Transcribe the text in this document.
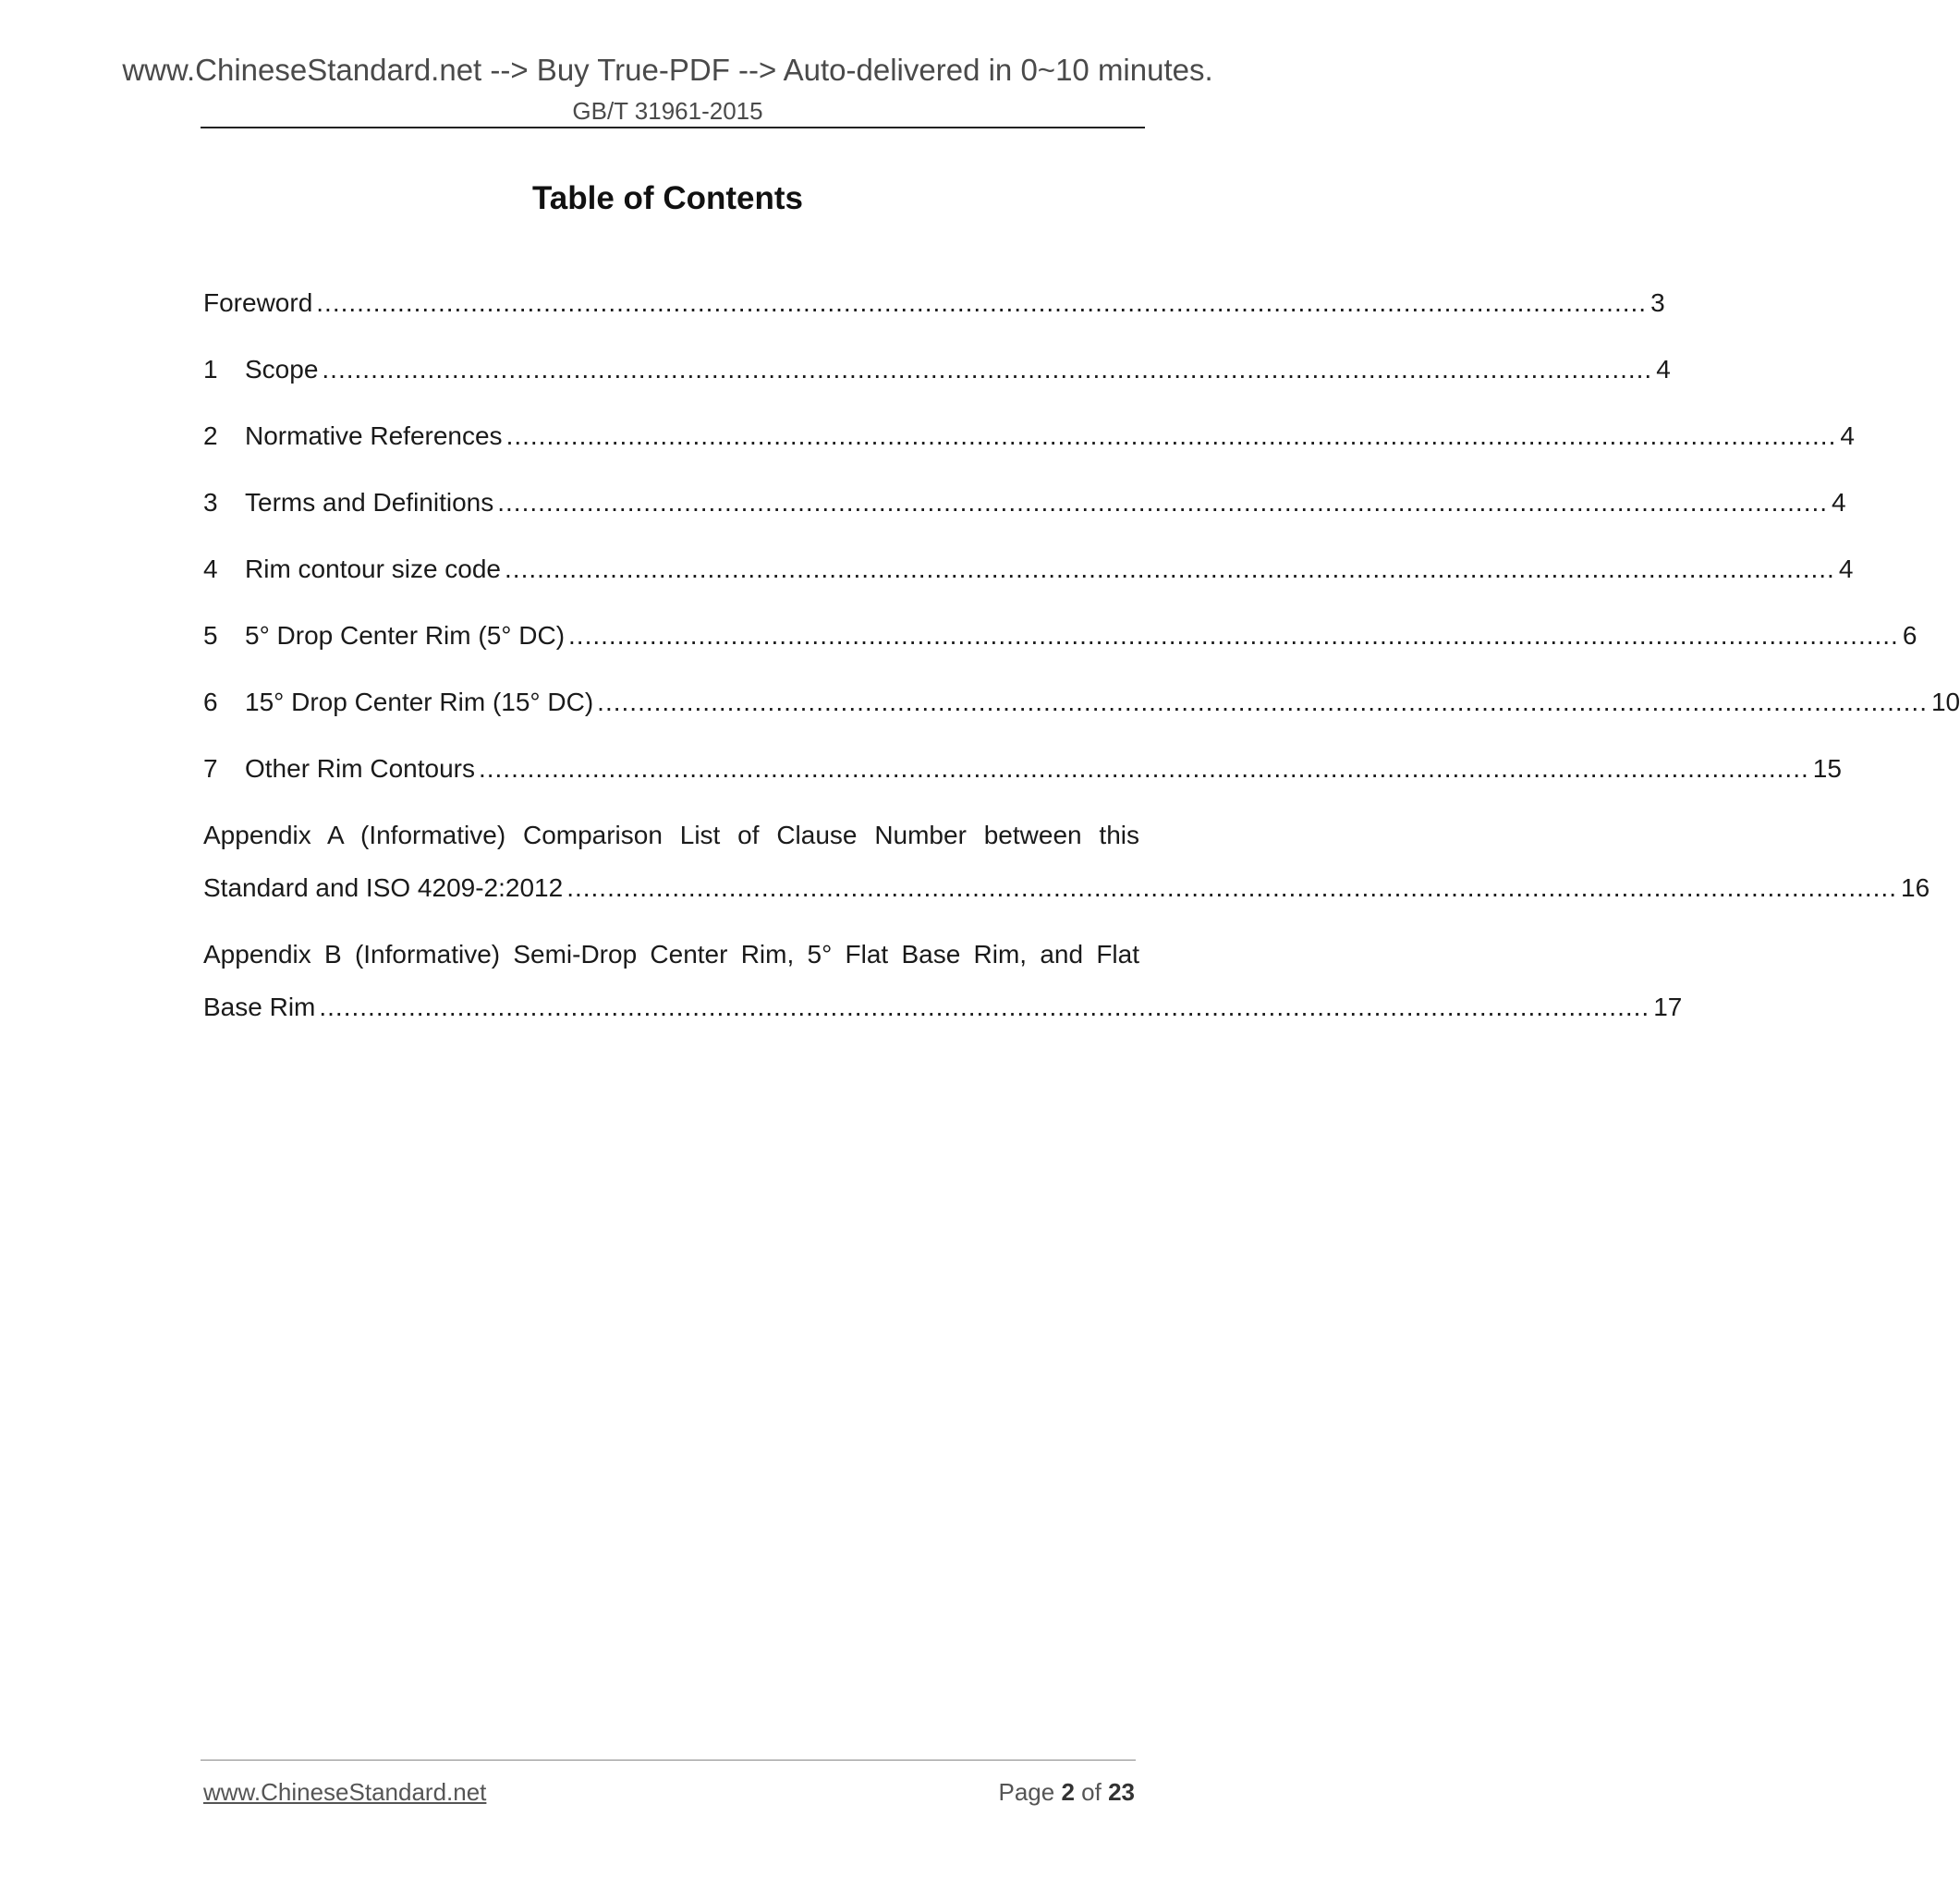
www.ChineseStandard.net --> Buy True-PDF --> Auto-delivered in 0~10 minutes.
GB/T 31961-2015
Table of Contents
Foreword .................................................................................................................................................................... 3
1	Scope .................................................................................................................................................................... 4
2	Normative References .................................................................................................................................................................... 4
3	Terms and Definitions .................................................................................................................................................................... 4
4	Rim contour size code .................................................................................................................................................................... 4
5	5° Drop Center Rim (5° DC) .................................................................................................................................................................... 6
6	15° Drop Center Rim (15° DC) .................................................................................................................................................................... 10
7	Other Rim Contours .................................................................................................................................................................... 15
Appendix A (Informative) Comparison List of Clause Number between this
Standard and ISO 4209-2:2012 .................................................................................................................................................................... 16
Appendix B (Informative) Semi-Drop Center Rim, 5° Flat Base Rim, and Flat
Base Rim .................................................................................................................................................................... 17
www.ChineseStandard.net	Page 2 of 23
